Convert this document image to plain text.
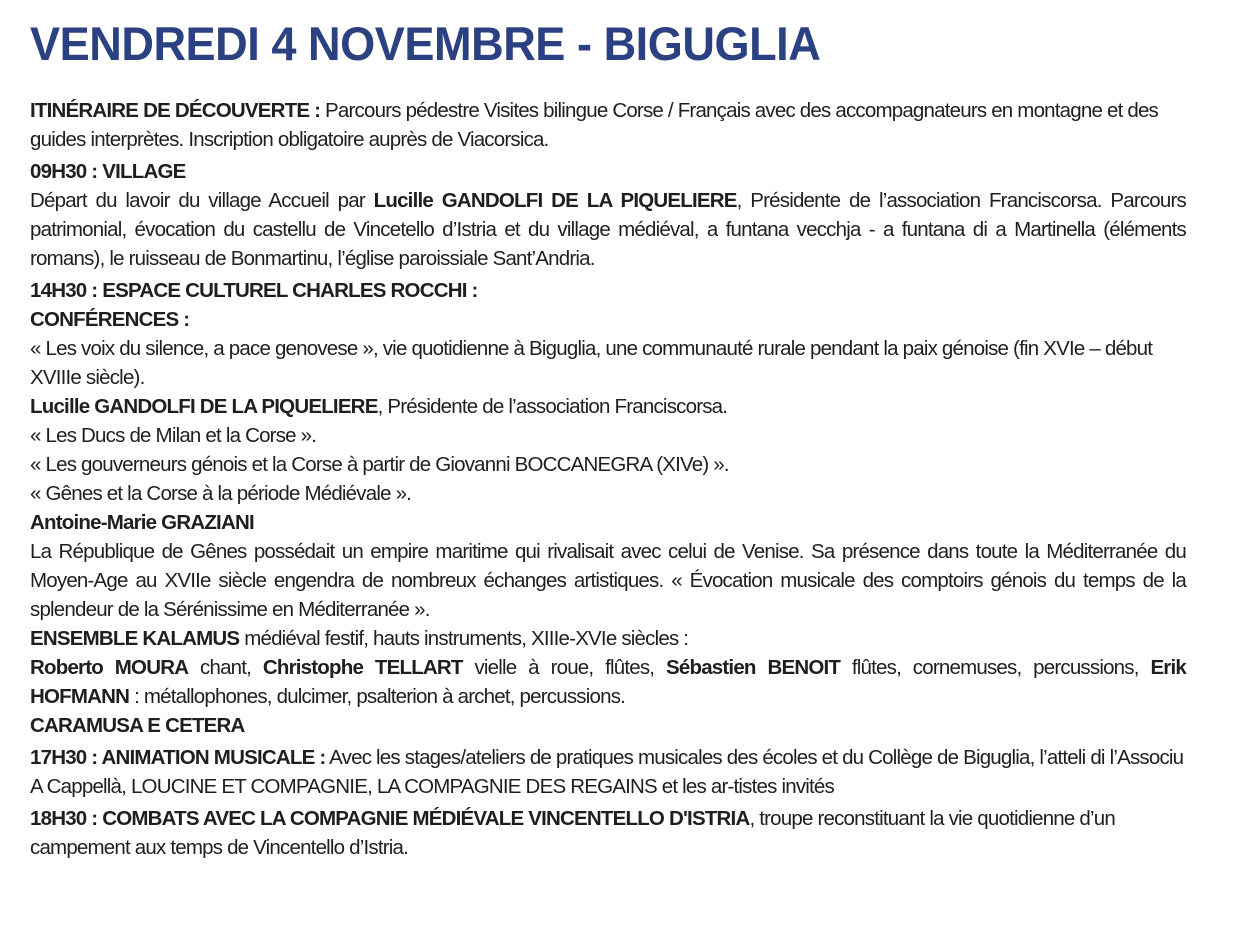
VENDREDI 4 NOVEMBRE - BIGUGLIA

ITINÉRAIRE DE DÉCOUVERTE : Parcours pédestre Visites bilingue Corse / Français avec des accompagnateurs en montagne et des guides interprètes. Inscription obligatoire auprès de Viacorsica.

09H30 : VILLAGE

Départ du lavoir du village Accueil par Lucille GANDOLFI DE LA PIQUELIERE, Présidente de l’association Franciscorsa. Parcours patrimonial, évocation du castellu de Vincetello d’Istria et du village médiéval, a funtana vecchja - a funtana di a Martinella (éléments romans), le ruisseau de Bonmartinu, l’église paroissiale Sant’Andria.

14H30 : ESPACE CULTUREL CHARLES ROCCHI :

CONFÉRENCES :

« Les voix du silence, a pace genovese », vie quotidienne à Biguglia, une communauté rurale pendant la paix génoise (fin XVIe – début XVIIIe siècle).

Lucille GANDOLFI DE LA PIQUELIERE, Présidente de l’association Franciscorsa.

« Les Ducs de Milan et la Corse ».

« Les gouverneurs génois et la Corse à partir de Giovanni BOCCANEGRA (XIVe) ».

« Gênes et la Corse à la période Médiévale ».

Antoine-Marie GRAZIANI

La République de Gênes possédait un empire maritime qui rivalisait avec celui de Venise. Sa présence dans toute la Méditerranée du Moyen-Age au XVIIe siècle engendra de nombreux échanges artistiques. « Évocation musicale des comptoirs génois du temps de la splendeur de la Sérénissime en Méditerranée ».

ENSEMBLE KALAMUS médiéval festif, hauts instruments, XIIIe-XVIe siècles :

Roberto MOURA chant, Christophe TELLART vielle à roue, flûtes, Sébastien BENOIT flûtes, cornemuses, percussions, Erik HOFMANN : métallophones, dulcimer, psalterion à archet, percussions.

CARAMUSA E CETERA

17H30 : ANIMATION MUSICALE : Avec les stages/ateliers de pratiques musicales des écoles et du Collège de Biguglia, l’atteli di l’Associu A Cappellà, LOUCINE ET COMPAGNIE, LA COMPAGNIE DES REGAINS et les ar-tistes invités

18H30 : COMBATS AVEC LA COMPAGNIE MÉDIÉVALE VINCENTELLO D'ISTRIA, troupe reconstituant la vie quotidienne d’un campement aux temps de Vincentello d’Istria.
